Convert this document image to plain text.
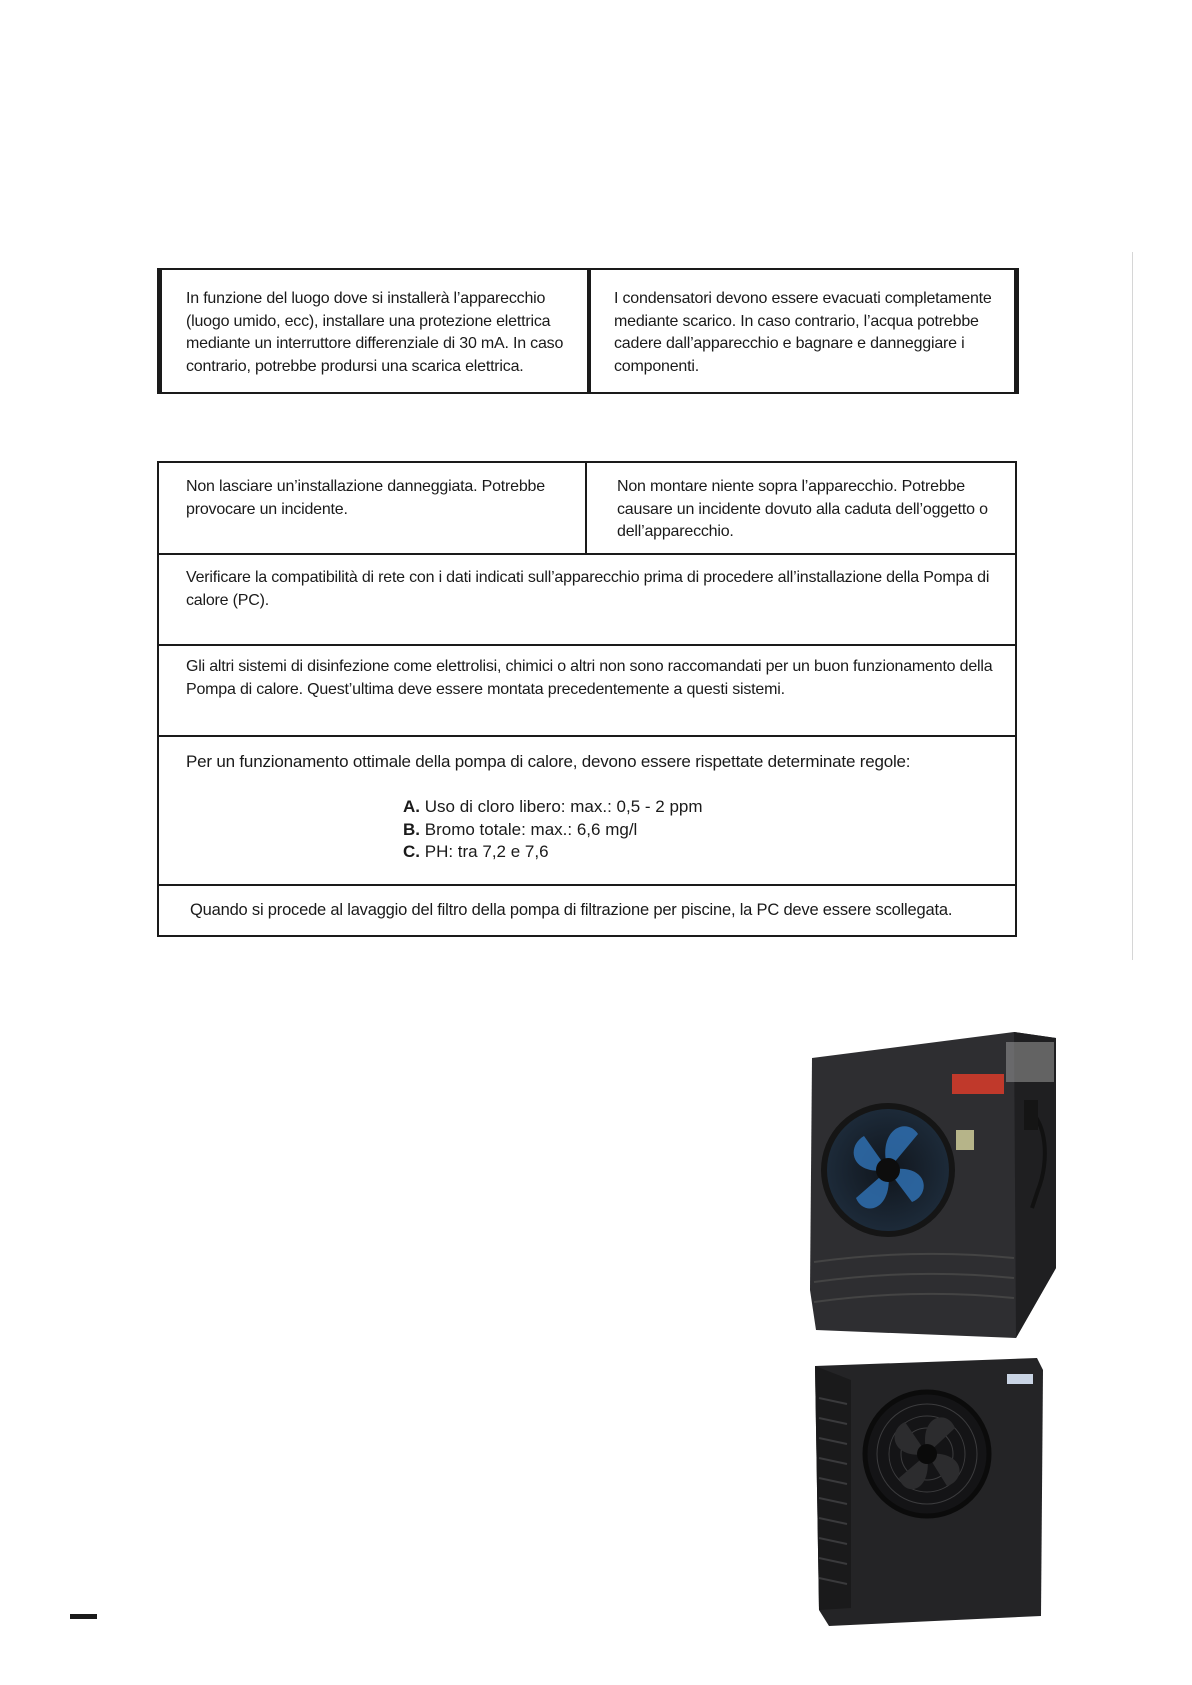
In funzione del luogo dove si installerà l’apparecchio (luogo umido, ecc), installare una protezione elettrica mediante un interruttore differenziale di 30 mA. In caso contrario, potrebbe prodursi una scarica elettrica.
I condensatori devono essere evacuati completamente mediante scarico. In caso contrario, l’acqua potrebbe cadere dall’apparecchio e bagnare e danneggiare i componenti.
Non lasciare un’installazione danneggiata. Potrebbe provocare un incidente.
Non montare niente sopra l’apparecchio. Potrebbe causare un incidente dovuto alla caduta dell’oggetto o dell’apparecchio.
Verificare la compatibilità di rete con i dati indicati sull’apparecchio prima di procedere all’installazione della Pompa di calore (PC).
Gli altri sistemi di disinfezione come elettrolisi, chimici o altri non sono raccomandati per un buon funzionamento della Pompa di calore. Quest’ultima deve essere montata precedentemente a questi sistemi.
Per un funzionamento ottimale della pompa di calore, devono essere rispettate determinate regole:
A. Uso di cloro libero: max.: 0,5 - 2 ppm
B. Bromo totale: max.: 6,6 mg/l
C. PH: tra 7,2 e 7,6
Quando si procede al lavaggio del filtro della pompa di filtrazione per piscine, la PC deve essere scollegata.
